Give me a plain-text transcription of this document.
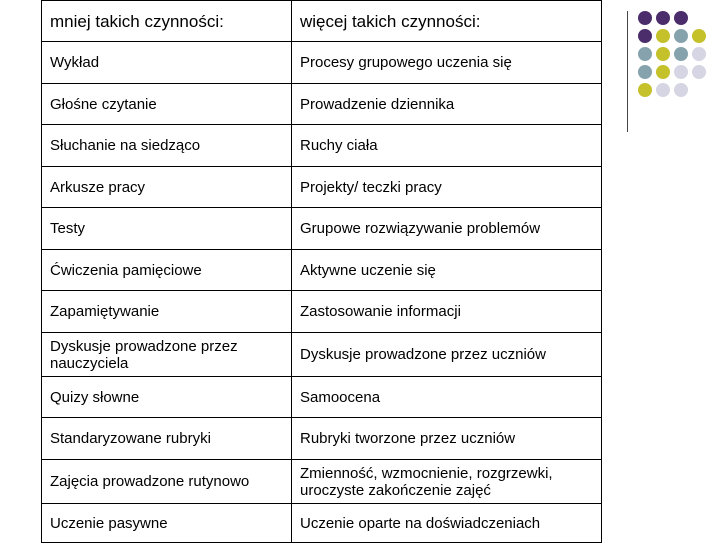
mniej takich czynności:	więcej takich czynności:
Wykład	Procesy grupowego uczenia się
Głośne czytanie	Prowadzenie dziennika
Słuchanie na siedząco	Ruchy ciała
Arkusze pracy	Projekty/ teczki pracy
Testy	Grupowe rozwiązywanie problemów
Ćwiczenia pamięciowe	Aktywne uczenie się
Zapamiętywanie	Zastosowanie informacji
Dyskusje prowadzone przez nauczyciela	Dyskusje prowadzone przez uczniów
Quizy słowne	Samoocena
Standaryzowane rubryki	Rubryki tworzone przez uczniów
Zajęcia prowadzone rutynowo	Zmienność, wzmocnienie, rozgrzewki, uroczyste zakończenie zajęć
Uczenie pasywne	Uczenie oparte na doświadczeniach
